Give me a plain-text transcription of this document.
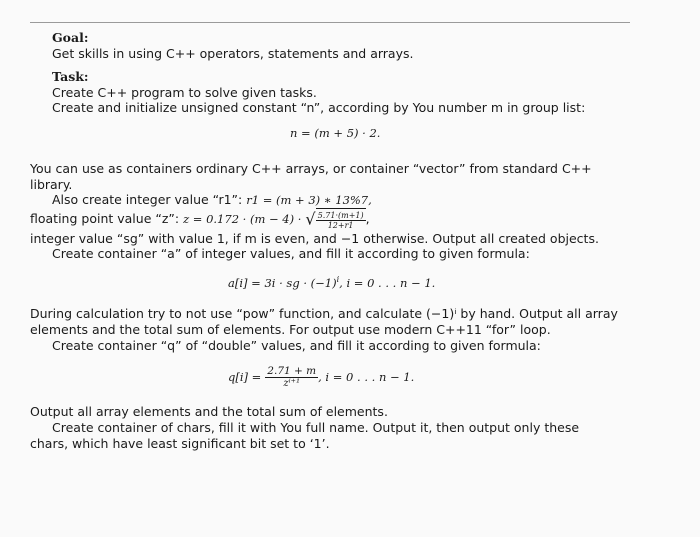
Goal:
Get skills in using C++ operators, statements and arrays.
Task:
Create C++ program to solve given tasks.
Create and initialize unsigned constant “n”, according by You number m in group list:
n = (m + 5) · 2.
You can use as containers ordinary C++ arrays, or container “vector” from standard C++
library.
Also create integer value “r1”: r1 = (m + 3) ∗ 13%7,
floating point value “z”: z = 0.172 · (m − 4) · √ $\frac{5.71\cdot(m+1)}{12+r1}$ ,
integer value “sg” with value 1, if m is even, and −1 otherwise. Output all created objects.
Create container “a” of integer values, and fill it according to given formula:
a[i] = 3i · sg · $(-1)^i$, i = 0 . . . n − 1.
During calculation try to not use “pow” function, and calculate (−1)ⁱ by hand. Output all array
elements and the total sum of elements. For output use modern C++11 “for” loop.
Create container “q” of “double” values, and fill it according to given formula:
$q[i] = \frac{2.71 + m}{\text{zⁱ⁺¹}}$ , i = 0 . . . n − 1.
Output all array elements and the total sum of elements.
Create container of chars, fill it with You full name. Output it, then output only these
chars, which have least significant bit set to ‘1’.
